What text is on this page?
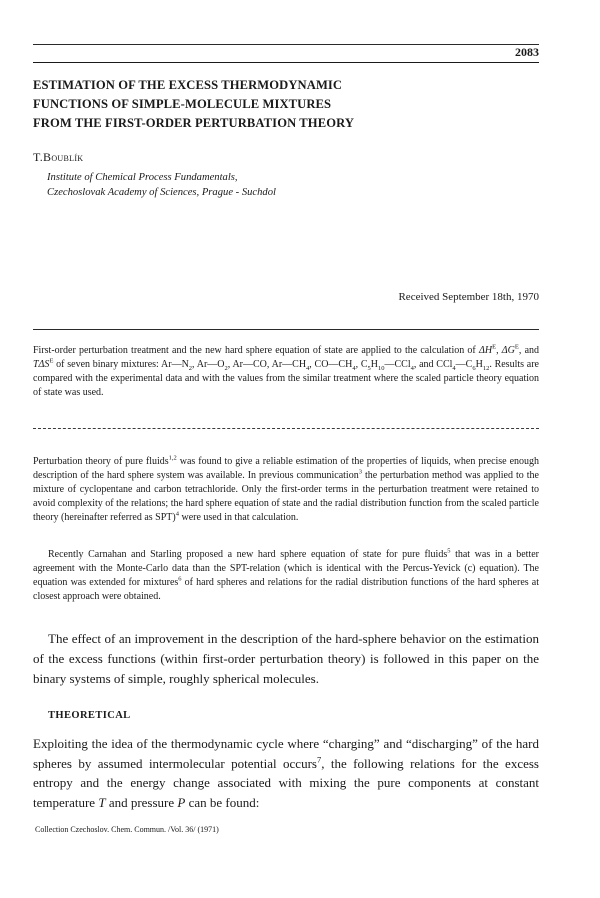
2083
ESTIMATION OF THE EXCESS THERMODYNAMIC
FUNCTIONS OF SIMPLE-MOLECULE MIXTURES
FROM THE FIRST-ORDER PERTURBATION THEORY
T.Boublík
Institute of Chemical Process Fundamentals,
Czechoslovak Academy of Sciences, Prague - Suchdol
Received September 18th, 1970

First-order perturbation treatment and the new hard sphere equation of state are applied to the calculation of $\Delta H^E$, $\Delta G^E$, and $T\Delta S^E$ of seven binary mixtures: $Ar—N_2$, $Ar—O_2$, Ar—CO, $Ar—CH_4$, $CO—CH_4$, $C_5H_{10}—CCl_4$, and $CCl_4—C_6H_{12}$. Results are compared with the experimental data and with the values from the similar treatment where the scaled particle theory equation of state was used.

Perturbation theory of pure fluids$^{1,2}$ was found to give a reliable estimation of the properties of liquids, when precise enough description of the hard sphere system was available. In previous communication$^3$ the perturbation method was applied to the mixture of cyclopentane and carbon tetrachloride. Only the first-order terms in the perturbation treatment were retained to avoid complexity of the relations; the hard sphere equation of state and the radial distribution function from the scaled particle theory (hereinafter referred as SPT)$^4$ were used in that calculation.

Recently Carnahan and Starling proposed a new hard sphere equation of state for pure fluids$^5$ that was in a better agreement with the Monte-Carlo data than the SPT-relation (which is identical with the Percus-Yevick (c) equation). The equation was extended for mixtures$^6$ of hard spheres and relations for the radial distribution functions of the hard spheres at closest approach were obtained.

The effect of an improvement in the description of the hard-sphere behavior on the estimation of the excess functions (within first-order perturbation theory) is followed in this paper on the binary systems of simple, roughly spherical molecules.

THEORETICAL

Exploiting the idea of the thermodynamic cycle where “charging” and “discharging” of the hard spheres by assumed intermolecular potential occurs$^7$, the following relations for the excess entropy and the energy change associated with mixing the pure components at constant temperature T and pressure P can be found:

Collection Czechoslov. Chem. Commun. /Vol. 36/ (1971)
